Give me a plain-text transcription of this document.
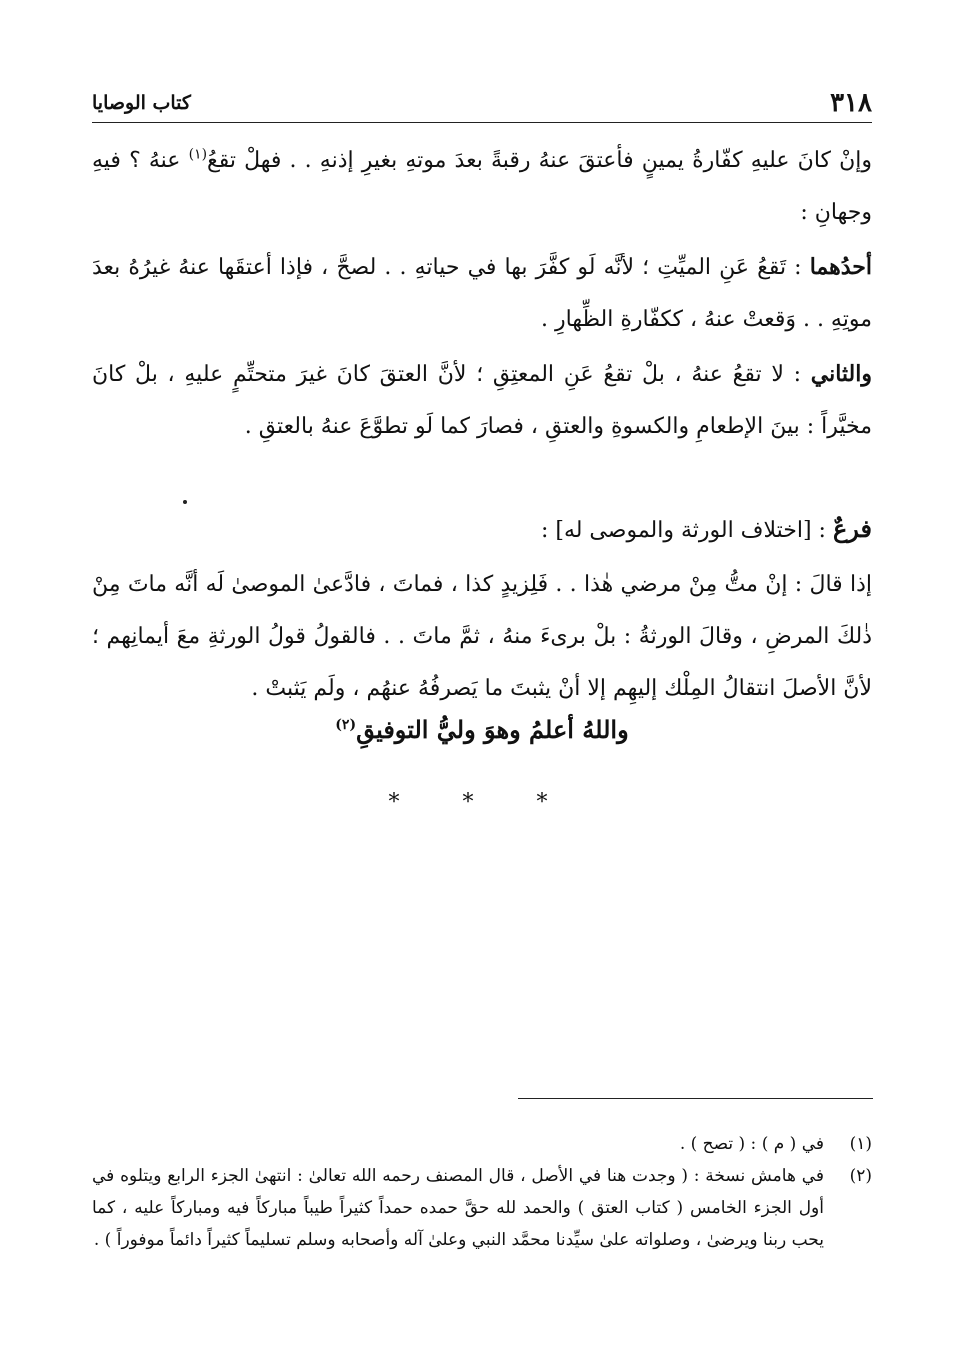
٣١٨
كتاب الوصايا

وإنْ كانَ عليهِ كفّارةُ يمينٍ فأعتقَ عنهُ رقبةً بعدَ موتهِ بغيرِ إذنهِ . . فهلْ تقعُ$^{(١)}$ عنهُ ؟ فيهِ وجهانِ :

أحدُهما : تَقعُ عَنِ الميِّتِ ؛ لأنَّه لَو كفَّرَ بها في حياتهِ . . لصحَّ ، فإذا أعتقَها عنهُ غيرُهُ بعدَ موتِهِ . . وَقعتْ عنهُ ، ككفّارةِ الظِّهارِ .

والثاني : لا تقعُ عنهُ ، بلْ تقعُ عَنِ المعتِقِ ؛ لأنَّ العتقَ كانَ غيرَ متحتِّمٍ عليهِ ، بلْ كانَ مخيَّراً : بينَ الإطعامِ والكسوةِ والعتقِ ، فصارَ كما لَو تطوَّعَ عنهُ بالعتقِ .

فرعٌ : [اختلاف الورثة والموصى له] :

إذا قالَ : إنْ متُّ مِنْ مرضي هٰذا . . فَلِزيدٍ كذا ، فماتَ ، فادَّعىٰ الموصىٰ لَه أنَّه ماتَ مِنْ ذٰلكَ المرضِ ، وقالَ الورثةُ : بلْ برىءَ منهُ ، ثمَّ ماتَ . . فالقولُ قولُ الورثةِ معَ أيمانِهم ؛ لأنَّ الأصلَ انتقالُ المِلْك إليهِم إلا أنْ يثبتَ ما يَصرفُهُ عنهُم ، ولَم يَثبتْ .

واللهُ أعلمُ وهوَ وليُّ التوفيقِ$^{(٢)}$
* * *

(١)
في ( م ) : ( تصح ) .

(٢)
في هامش نسخة : ( وجدت هنا في الأصل ، قال المصنف رحمه الله تعالىٰ : انتهىٰ الجزء الرابع ويتلوه في أول الجزء الخامس ( كتاب العتق ) والحمد لله حقَّ حمده حمداً كثيراً طيباً مباركاً فيه ومباركاً عليه ، كما يحب ربنا ويرضىٰ ، وصلواته علىٰ سيِّدنا محمَّد النبي وعلىٰ آله وأصحابه وسلم تسليماً كثيراً دائماً موفوراً ) .
